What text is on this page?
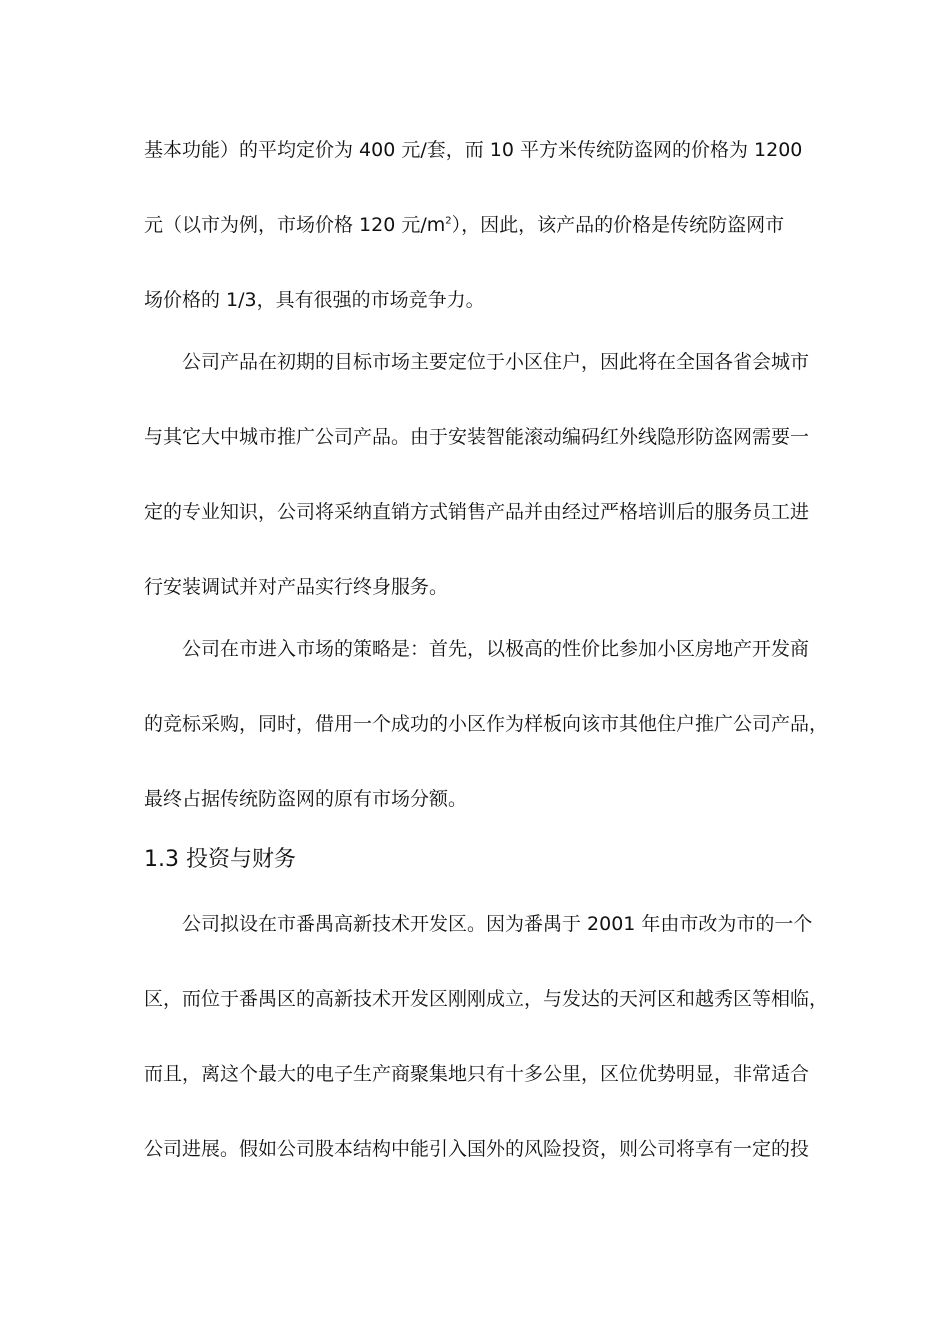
基本功能）的平均定价为 400 元/套，而 10 平方米传统防盗网的价格为 1200
元（以市为例，市场价格 120 元$/m^2$），因此，该产品的价格是传统防盗网市
场价格的 1/3，具有很强的市场竞争力。
公司产品在初期的目标市场主要定位于小区住户，因此将在全国各省会城市
与其它大中城市推广公司产品。由于安装智能滚动编码红外线隐形防盗网需要一
定的专业知识，公司将采纳直销方式销售产品并由经过严格培训后的服务员工进
行安装调试并对产品实行终身服务。
公司在市进入市场的策略是：首先，以极高的性价比参加小区房地产开发商
的竞标采购，同时，借用一个成功的小区作为样板向该市其他住户推广公司产品，
最终占据传统防盗网的原有市场分额。
1.3 投资与财务
公司拟设在市番禺高新技术开发区。因为番禺于 2001 年由市改为市的一个
区，而位于番禺区的高新技术开发区刚刚成立，与发达的天河区和越秀区等相临，
而且，离这个最大的电子生产商聚集地只有十多公里，区位优势明显，非常适合
公司进展。假如公司股本结构中能引入国外的风险投资，则公司将享有一定的投
